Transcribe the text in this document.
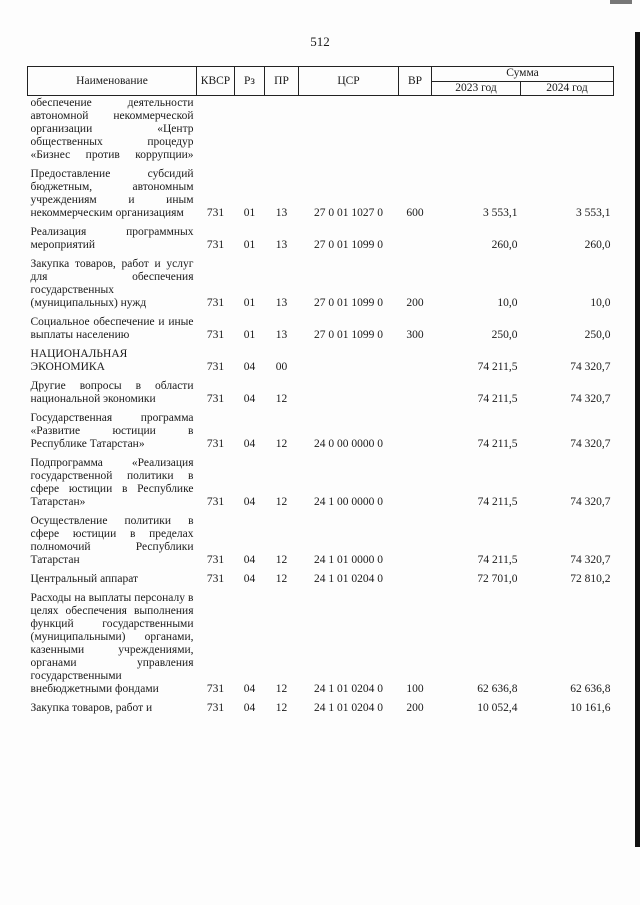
512
Наименование	КВСР	Рз	ПР	ЦСР	ВР	Сумма	
						2023 год	2024 год
обеспечение деятельности автономной некоммерческой организации «Центр общественных процедур «Бизнес против коррупции»							
Предоставление субсидий бюджетным, автономным учреждениям и иным некоммерческим организациям	731	01	13	27 0 01 1027 0	600	3 553,1	3 553,1
Реализация программных мероприятий	731	01	13	27 0 01 1099 0		260,0	260,0
Закупка товаров, работ и услуг для обеспечения государственных (муниципальных) нужд	731	01	13	27 0 01 1099 0	200	10,0	10,0
Социальное обеспечение и иные выплаты населению	731	01	13	27 0 01 1099 0	300	250,0	250,0
НАЦИОНАЛЬНАЯ ЭКОНОМИКА	731	04	00			74 211,5	74 320,7
Другие вопросы в области национальной экономики	731	04	12			74 211,5	74 320,7
Государственная программа «Развитие юстиции в Республике Татарстан»	731	04	12	24 0 00 0000 0		74 211,5	74 320,7
Подпрограмма «Реализация государственной политики в сфере юстиции в Республике Татарстан»	731	04	12	24 1 00 0000 0		74 211,5	74 320,7
Осуществление политики в сфере юстиции в пределах полномочий Республики Татарстан	731	04	12	24 1 01 0000 0		74 211,5	74 320,7
Центральный аппарат	731	04	12	24 1 01 0204 0		72 701,0	72 810,2
Расходы на выплаты персоналу в целях обеспечения выполнения функций государственными (муниципальными) органами, казенными учреждениями, органами управления государственными внебюджетными фондами	731	04	12	24 1 01 0204 0	100	62 636,8	62 636,8
Закупка товаров, работ и	731	04	12	24 1 01 0204 0	200	10 052,4	10 161,6
